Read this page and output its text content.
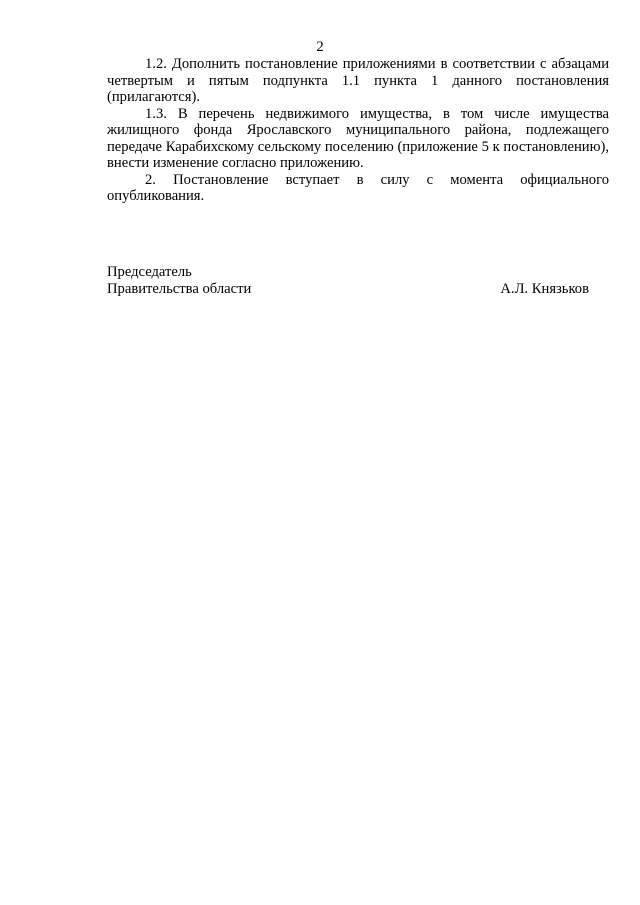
2

1.2. Дополнить постановление приложениями в соответствии с абзацами четвертым и пятым подпункта 1.1 пункта 1 данного постановления (прилагаются).

1.3. В перечень недвижимого имущества, в том числе имущества жилищного фонда Ярославского муниципального района, подлежащего передаче Карабихскому сельскому поселению (приложение 5 к постановлению), внести изменение согласно приложению.

2. Постановление вступает в силу с момента официального опубликования.

Председатель
Правительства области	А.Л. Князьков
